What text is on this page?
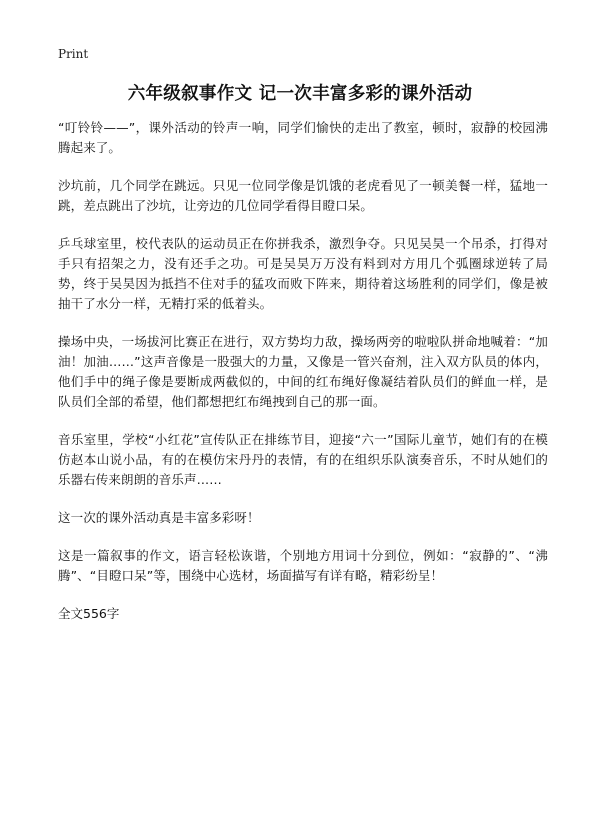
Print
六年级叙事作文 记一次丰富多彩的课外活动

“叮铃铃——”，课外活动的铃声一响，同学们愉快的走出了教室，顿时，寂静的校园沸腾起来了。

沙坑前，几个同学在跳远。只见一位同学像是饥饿的老虎看见了一顿美餐一样，猛地一跳，差点跳出了沙坑，让旁边的几位同学看得目瞪口呆。

乒乓球室里，校代表队的运动员正在你拼我杀，激烈争夺。只见吴昊一个吊杀，打得对手只有招架之力，没有还手之功。可是吴昊万万没有料到对方用几个弧圈球逆转了局势，终于吴昊因为抵挡不住对手的猛攻而败下阵来，期待着这场胜利的同学们，像是被抽干了水分一样，无精打采的低着头。

操场中央，一场拔河比赛正在进行，双方势均力敌，操场两旁的啦啦队拼命地喊着：“加油！加油……”这声音像是一股强大的力量，又像是一管兴奋剂，注入双方队员的体内，他们手中的绳子像是要断成两截似的，中间的红布绳好像凝结着队员们的鲜血一样，是队员们全部的希望，他们都想把红布绳拽到自己的那一面。

音乐室里，学校“小红花”宣传队正在排练节目，迎接“六一”国际儿童节，她们有的在模仿赵本山说小品，有的在模仿宋丹丹的表情，有的在组织乐队演奏音乐，不时从她们的乐器右传来朗朗的音乐声……

这一次的课外活动真是丰富多彩呀！

这是一篇叙事的作文，语言轻松诙谐，个别地方用词十分到位，例如：“寂静的”、“沸腾”、“目瞪口呆”等，围绕中心选材，场面描写有详有略，精彩纷呈！

全文556字
